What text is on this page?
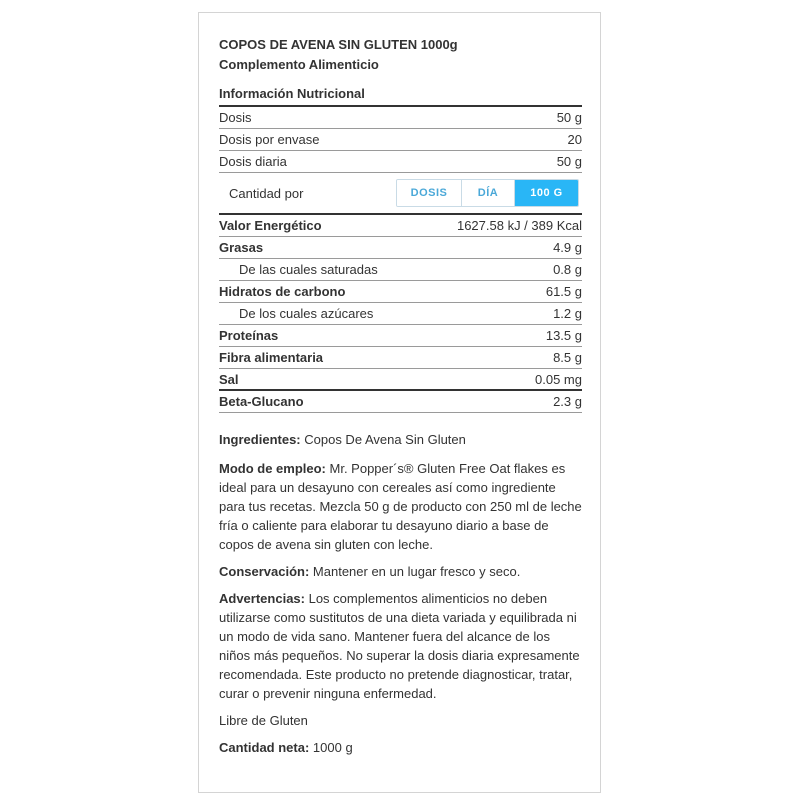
COPOS DE AVENA SIN GLUTEN 1000g

Complemento Alimenticio

Información Nutricional
Dosis	50 g
Dosis por envase	20
Dosis diaria	50 g
Cantidad por	DOSIS	DÍA	100 G
Valor Energético	1627.58 kJ / 389 Kcal
Grasas	4.9 g
De las cuales saturadas	0.8 g
Hidratos de carbono	61.5 g
De los cuales azúcares	1.2 g
Proteínas	13.5 g
Fibra alimentaria	8.5 g
Sal	0.05 mg
Beta-Glucano	2.3 g

Ingredientes: Copos De Avena Sin Gluten

Modo de empleo: Mr. Popper´s® Gluten Free Oat flakes es ideal para un desayuno con cereales así como ingrediente para tus recetas. Mezcla 50 g de producto con 250 ml de leche fría o caliente para elaborar tu desayuno diario a base de copos de avena sin gluten con leche.

Conservación: Mantener en un lugar fresco y seco.

Advertencias: Los complementos alimenticios no deben utilizarse como sustitutos de una dieta variada y equilibrada ni un modo de vida sano. Mantener fuera del alcance de los niños más pequeños. No superar la dosis diaria expresamente recomendada. Este producto no pretende diagnosticar, tratar, curar o prevenir ninguna enfermedad.

Libre de Gluten

Cantidad neta: 1000 g
